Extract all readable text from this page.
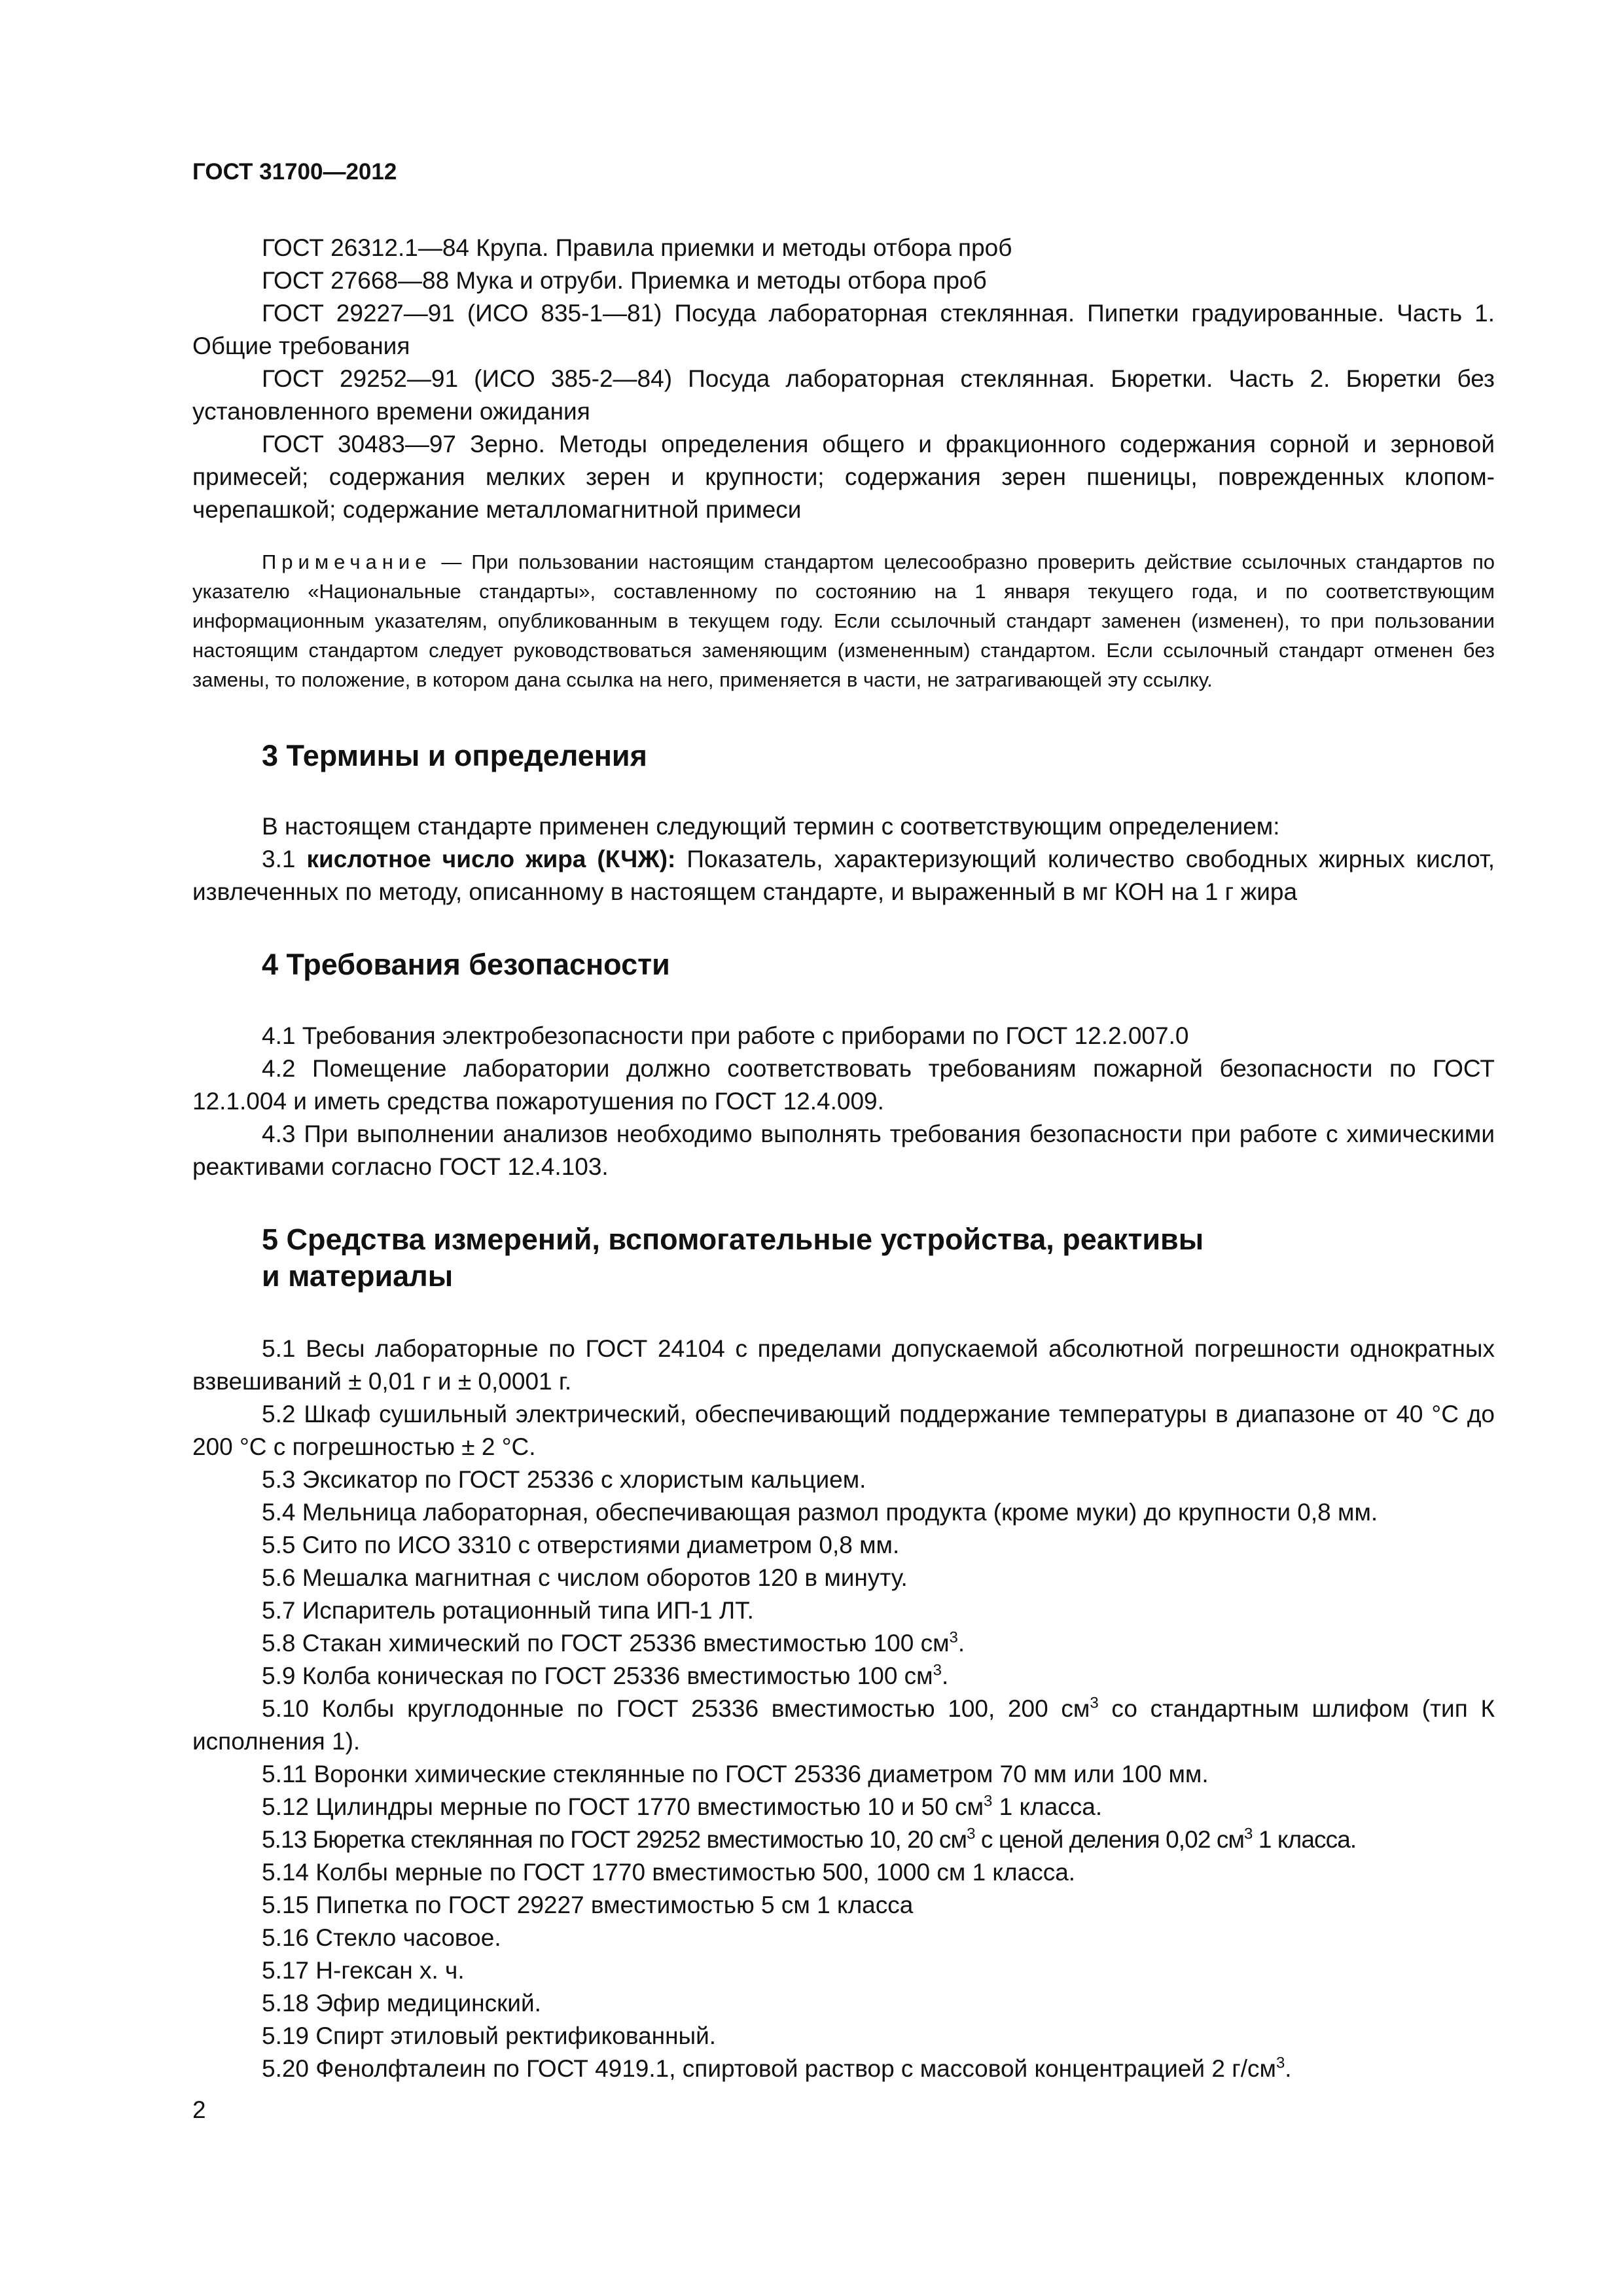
ГОСТ 31700—2012

ГОСТ 26312.1—84 Крупа. Правила приемки и методы отбора проб

ГОСТ 27668—88 Мука и отруби. Приемка и методы отбора проб

ГОСТ 29227—91 (ИСО 835-1—81) Посуда лабораторная стеклянная. Пипетки градуированные. Часть 1. Общие требования

ГОСТ 29252—91 (ИСО 385-2—84) Посуда лабораторная стеклянная. Бюретки. Часть 2. Бюретки без установленного времени ожидания

ГОСТ 30483—97 Зерно. Методы определения общего и фракционного содержания сорной и зерновой примесей; содержания мелких зерен и крупности; содержания зерен пшеницы, поврежденных клопом-черепашкой; содержание металломагнитной примеси

Примечание — При пользовании настоящим стандартом целесообразно проверить действие ссылочных стандартов по указателю «Национальные стандарты», составленному по состоянию на 1 января текущего года, и по соответствующим информационным указателям, опубликованным в текущем году. Если ссылочный стандарт заменен (изменен), то при пользовании настоящим стандартом следует руководствоваться заменяющим (измененным) стандартом. Если ссылочный стандарт отменен без замены, то положение, в котором дана ссылка на него, применяется в части, не затрагивающей эту ссылку.
3 Термины и определения

В настоящем стандарте применен следующий термин с соответствующим определением:

3.1 кислотное число жира (КЧЖ): Показатель, характеризующий количество свободных жирных кислот, извлеченных по методу, описанному в настоящем стандарте, и выраженный в мг КОН на 1 г жира

4 Требования безопасности

4.1 Требования электробезопасности при работе с приборами по ГОСТ 12.2.007.0

4.2 Помещение лаборатории должно соответствовать требованиям пожарной безопасности по ГОСТ 12.1.004 и иметь средства пожаротушения по ГОСТ 12.4.009.

4.3 При выполнении анализов необходимо выполнять требования безопасности при работе с химическими реактивами согласно ГОСТ 12.4.103.

5 Средства измерений, вспомогательные устройства, реактивы
и материалы

5.1 Весы лабораторные по ГОСТ 24104 с пределами допускаемой абсолютной погрешности однократных взвешиваний ± 0,01 г и ± 0,0001 г.

5.2 Шкаф сушильный электрический, обеспечивающий поддержание температуры в диапазоне от 40 °С до 200 °С с погрешностью ± 2 °С.

5.3 Эксикатор по ГОСТ 25336 с хлористым кальцием.
5.4 Мельница лабораторная, обеспечивающая размол продукта (кроме муки) до крупности 0,8 мм.
5.5 Сито по ИСО 3310 с отверстиями диаметром 0,8 мм.
5.6 Мешалка магнитная с числом оборотов 120 в минуту.
5.7 Испаритель ротационный типа ИП-1 ЛТ.
5.8 Стакан химический по ГОСТ 25336 вместимостью 100 $см^3$.
5.9 Колба коническая по ГОСТ 25336 вместимостью 100 $см^3$.

5.10 Колбы круглодонные по ГОСТ 25336 вместимостью 100, 200 $см^3$ со стандартным шлифом (тип К исполнения 1).

5.11 Воронки химические стеклянные по ГОСТ 25336 диаметром 70 мм или 100 мм.
5.12 Цилиндры мерные по ГОСТ 1770 вместимостью 10 и 50 $см^3$ 1 класса.
5.13 Бюретка стеклянная по ГОСТ 29252 вместимостью 10, 20 $см^3$ с ценой деления 0,02 $см^3$ 1 класса.
5.14 Колбы мерные по ГОСТ 1770 вместимостью 500, 1000 см 1 класса.
5.15 Пипетка по ГОСТ 29227 вместимостью 5 см 1 класса
5.16 Стекло часовое.
5.17 Н-гексан х. ч.
5.18 Эфир медицинский.
5.19 Спирт этиловый ректификованный.
5.20 Фенолфталеин по ГОСТ 4919.1, спиртовой раствор с массовой концентрацией 2 $г/см^3$.
2
